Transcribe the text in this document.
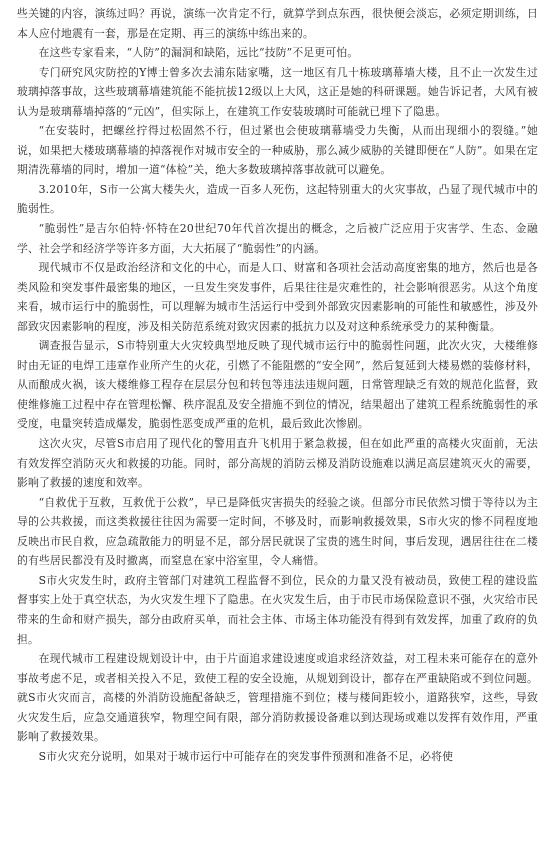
些关键的内容，演练过吗？再说，演练一次肯定不行，就算学到点东西，很快便会淡忘，必须定期训练，日本人应付地震有一套，那是在定期、再三的演练中练出来的。

在这些专家看来，“人防”的漏洞和缺陷，远比“技防”不足更可怕。

专门研究风灾防控的Y博士曾多次去浦东陆家嘴，这一地区有几十栋玻璃幕墙大楼，且不止一次发生过玻璃掉落事故，这些玻璃幕墙建筑能不能抗拔12级以上大风，这正是她的科研课题。她告诉记者，大风有被认为是玻璃幕墙掉落的“元凶”，但实际上，在建筑工作安装玻璃时可能就已埋下了隐患。

“在安装时，把螺丝拧得过松固然不行，但过紧也会使玻璃幕墙受力失衡，从而出现细小的裂缝。”她说，如果把大楼玻璃幕墙的掉落视作对城市安全的一种威胁，那么减少威胁的关键即便在“人防”。如果在定期清洗幕墙的同时，增加一道“体检”关，绝大多数玻璃掉落事故就可以避免。

3.2010年，S市一公寓大楼失火，造成一百多人死伤，这起特别重大的火灾事故，凸显了现代城市中的脆弱性。

“脆弱性”是吉尔伯特·怀特在20世纪70年代首次提出的概念，之后被广泛应用于灾害学、生态、金融学、社会学和经济学等许多方面，大大拓展了“脆弱性”的内涵。

现代城市不仅是政治经济和文化的中心，而是人口、财富和各项社会活动高度密集的地方，然后也是各类风险和突发事件最密集的地区，一旦发生突发事件，后果往往是灾难性的，社会影响很恶劣。从这个角度来看，城市运行中的脆弱性，可以理解为城市生活运行中受到外部致灾因素影响的可能性和敏感性，涉及外部致灾因素影响的程度，涉及相关防范系统对致灾因素的抵抗力以及对这种系统承受力的某种衡量。

调查报告显示，S市特别重大火灾较典型地反映了现代城市运行中的脆弱性问题，此次火灾，大楼维修时由无证的电焊工违章作业所产生的火花，引燃了不能阻燃的“安全网”，然后复延到大楼易燃的装修材料，从而酿成火祸，该大楼维修工程存在层层分包和转包等违法违规问题，日常管理缺乏有效的规范化监督，致使维修施工过程中存在管理松懈、秩序混乱及安全措施不到位的情况，结果超出了建筑工程系统脆弱性的承受度，电量突转造成爆发，脆弱性恶变成严重的危机，最后致此次惨剧。

这次火灾，尽管S市启用了现代化的警用直升飞机用于紧急救援，但在如此严重的高楼火灾面前，无法有效发挥空消防灭火和救援的功能。同时，部分高规的消防云梯及消防设施难以满足高层建筑灭火的需要，影响了救援的速度和效率。

“自救优于互救，互救优于公救”，早已是降低灾害损失的经验之谈。但部分市民依然习惯于等待以为主导的公共救援，而这类救援往往因为需要一定时间，不够及时，而影响救援效果，S市火灾的惨不同程度地反映出市民自救，应急疏散能力的明显不足，部分居民就误了宝贵的逃生时间，事后发现，遇居往往在二楼的有些居民都没有及时撤离，而窒息在家中浴室里，令人痛惜。

S市火灾发生时，政府主管部门对建筑工程监督不到位，民众的力量又没有被动员，致使工程的建设监督事实上处于真空状态，为火灾发生埋下了隐患。在火灾发生后，由于市民市场保险意识不强，火灾给市民带来的生命和财产损失，部分由政府买单，而社会主体、市场主体功能没有得到有效发挥，加重了政府的负担。

在现代城市工程建设规划设计中，由于片面追求建设速度或追求经济效益，对工程未来可能存在的意外事故考虑不足，或者相关投入不足，致使工程的安全设施，从规划到设计，都存在严重缺陷或不到位问题。就S市火灾而言，高楼的外消防设施配备缺乏，管理措施不到位；楼与楼间距较小，道路狭窄，这些，导致火灾发生后，应急交通道狭窄，物理空间有限，部分消防救援设备难以到达现场或难以发挥有效作用，严重影响了救援效果。

S市火灾充分说明，如果对于城市运行中可能存在的突发事件预测和准备不足，必将使
